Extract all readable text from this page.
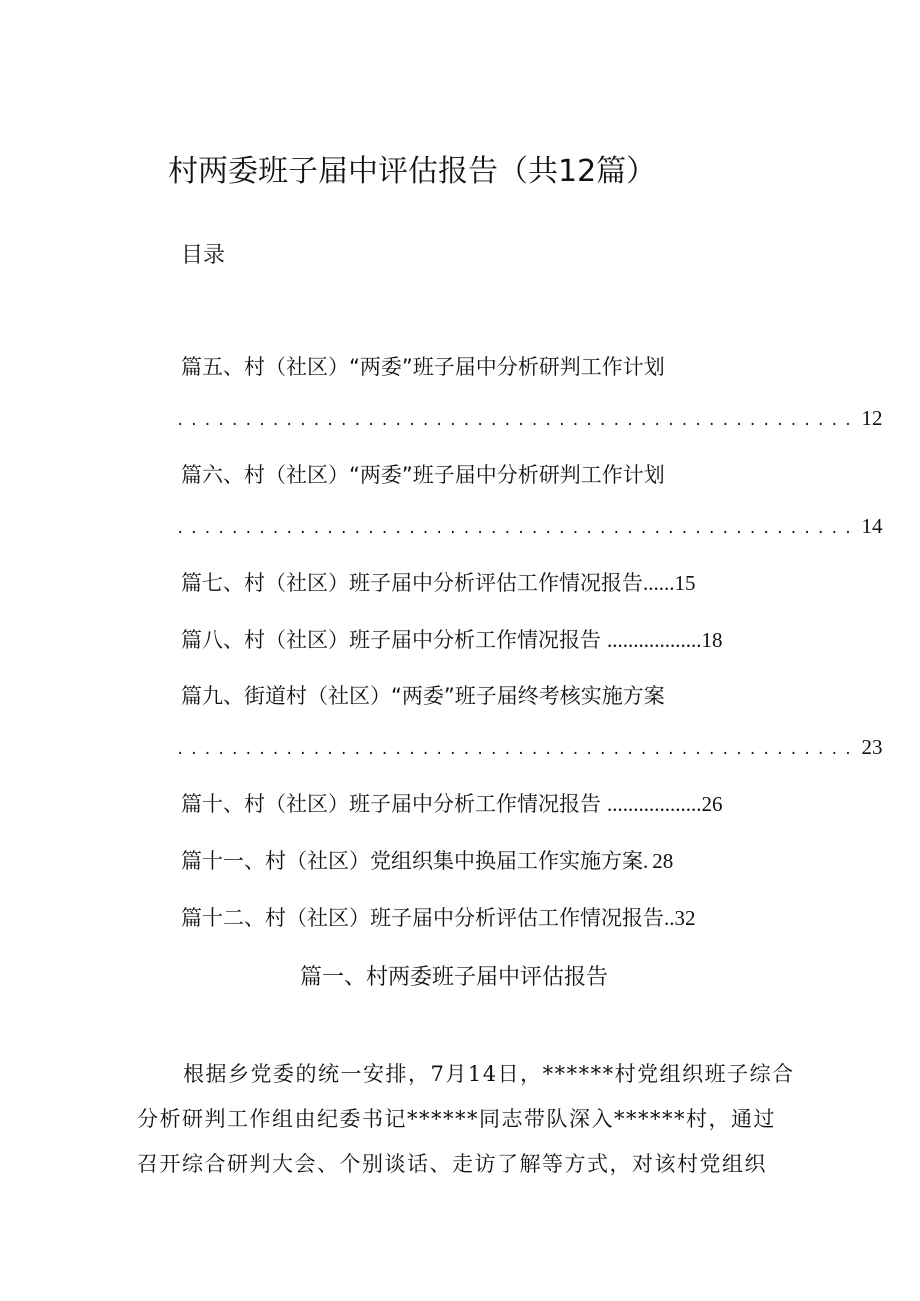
村两委班子届中评估报告（共12篇）
目录
篇五、村（社区）“两委”班子届中分析研判工作计划
.................................................. 12
篇六、村（社区）“两委”班子届中分析研判工作计划
.................................................. 14
篇七、村（社区）班子届中分析评估工作情况报告 ...... 15
篇八、村（社区）班子届中分析工作情况报告 .................. 18
篇九、街道村（社区）“两委”班子届终考核实施方案
.................................................. 23
篇十、村（社区）班子届中分析工作情况报告 .................. 26
篇十一、村（社区）党组织集中换届工作实施方案 . 28
篇十二、村（社区）班子届中分析评估工作情况报告 .. 32
篇一、村两委班子届中评估报告
根据乡党委的统一安排，7月14日，******村党组织班子综合
分析研判工作组由纪委书记******同志带队深入******村，通过
召开综合研判大会、个别谈话、走访了解等方式，对该村党组织
